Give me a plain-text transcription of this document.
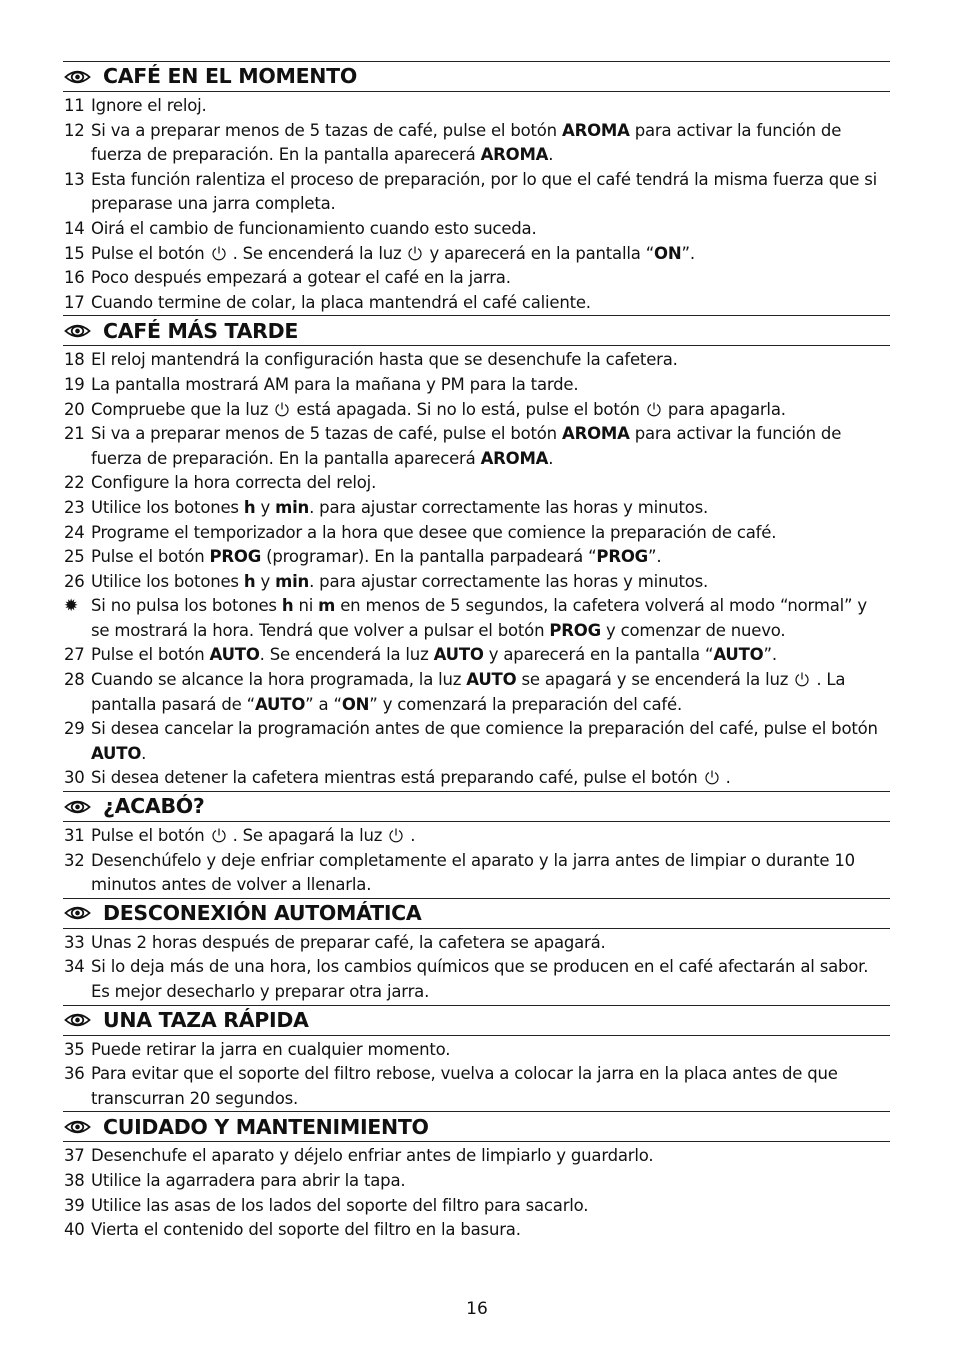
CAFÉ EN EL MOMENTO
11 Ignore el reloj.
12 Si va a preparar menos de 5 tazas de café, pulse el botón AROMA para activar la función de fuerza de preparación. En la pantalla aparecerá AROMA.
13 Esta función ralentiza el proceso de preparación, por lo que el café tendrá la misma fuerza que si preparase una jarra completa.
14 Oirá el cambio de funcionamiento cuando esto suceda.
15 Pulse el botón  . Se encenderá la luz  y aparecerá en la pantalla “ON”.
16 Poco después empezará a gotear el café en la jarra.
17 Cuando termine de colar, la placa mantendrá el café caliente.
CAFÉ MÁS TARDE
18 El reloj mantendrá la configuración hasta que se desenchufe la cafetera.
19 La pantalla mostrará AM para la mañana y PM para la tarde.
20 Compruebe que la luz  está apagada. Si no lo está, pulse el botón  para apagarla.
21 Si va a preparar menos de 5 tazas de café, pulse el botón AROMA para activar la función de fuerza de preparación. En la pantalla aparecerá AROMA.
22 Configure la hora correcta del reloj.
23 Utilice los botones h y min. para ajustar correctamente las horas y minutos.
24 Programe el temporizador a la hora que desee que comience la preparación de café.
25 Pulse el botón PROG (programar). En la pantalla parpadeará “PROG”.
26 Utilice los botones h y min. para ajustar correctamente las horas y minutos.
✹ Si no pulsa los botones h ni m en menos de 5 segundos, la cafetera volverá al modo “normal” y se mostrará la hora. Tendrá que volver a pulsar el botón PROG y comenzar de nuevo.
27 Pulse el botón AUTO. Se encenderá la luz AUTO y aparecerá en la pantalla “AUTO”.
28 Cuando se alcance la hora programada, la luz AUTO se apagará y se encenderá la luz  . La pantalla pasará de “AUTO” a “ON” y comenzará la preparación del café.
29 Si desea cancelar la programación antes de que comience la preparación del café, pulse el botón AUTO.
30 Si desea detener la cafetera mientras está preparando café, pulse el botón  .
¿ACABÓ?
31 Pulse el botón  . Se apagará la luz  .
32 Desenchúfelo y deje enfriar completamente el aparato y la jarra antes de limpiar o durante 10 minutos antes de volver a llenarla.
DESCONEXIÓN AUTOMÁTICA
33 Unas 2 horas después de preparar café, la cafetera se apagará.
34 Si lo deja más de una hora, los cambios químicos que se producen en el café afectarán al sabor. Es mejor desecharlo y preparar otra jarra.
UNA TAZA RÁPIDA
35 Puede retirar la jarra en cualquier momento.
36 Para evitar que el soporte del filtro rebose, vuelva a colocar la jarra en la placa antes de que transcurran 20 segundos.
CUIDADO Y MANTENIMIENTO
37 Desenchufe el aparato y déjelo enfriar antes de limpiarlo y guardarlo.
38 Utilice la agarradera para abrir la tapa.
39 Utilice las asas de los lados del soporte del filtro para sacarlo.
40 Vierta el contenido del soporte del filtro en la basura.
16
